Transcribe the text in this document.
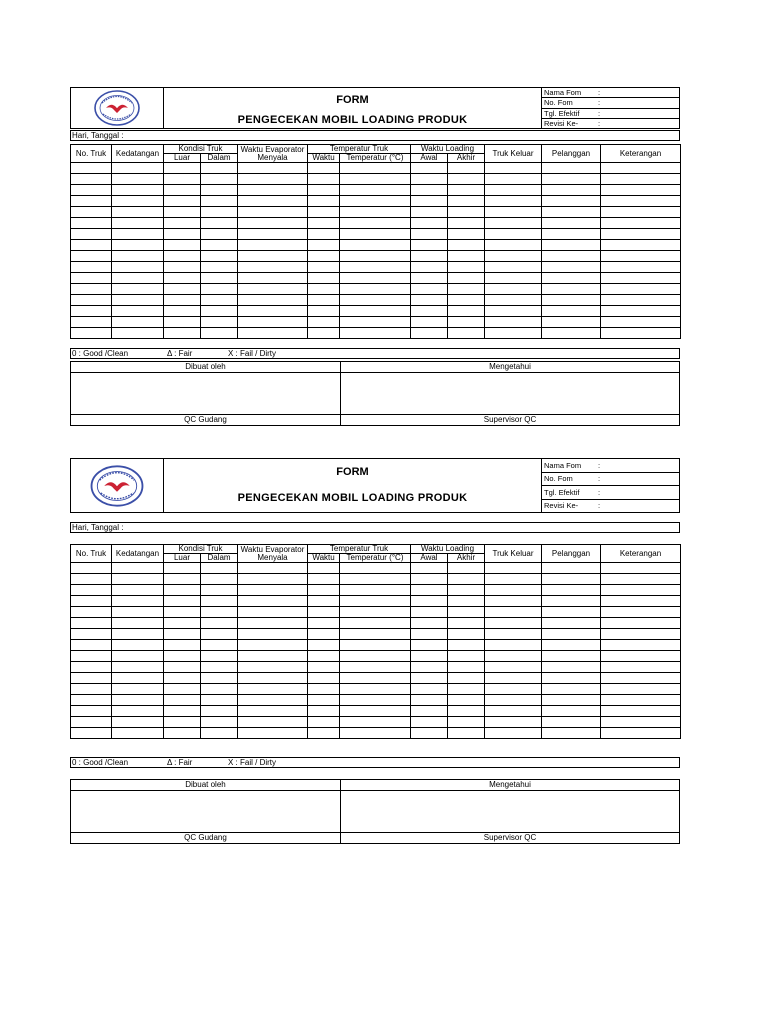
FORM
PENGECEKAN MOBIL LOADING PRODUK
Nama Fom	:
No. Fom	:
Tgl. Efektif	:
Revisi Ke-	:
Hari, Tanggal :
No. Truk	Kedatangan	Kondisi Truk		Waktu Evaporator Menyala	Temperatur Truk		Waktu Loading		Truk Keluar	Pelanggan	Keterangan
		Luar	Dalam		Waktu	Temperatur (°C)	Awal	Akhir			

0 : Good /Clean	Δ : Fair	X : Fail / Dirty
Dibuat oleh
QC Gudang
Mengetahui
Supervisor QC
FORM
PENGECEKAN MOBIL LOADING PRODUK
Nama Fom	:
No. Fom	:
Tgl. Efektif	:
Revisi Ke-	:
Hari, Tanggal :
No. Truk	Kedatangan	Kondisi Truk		Waktu Evaporator Menyala	Temperatur Truk		Waktu Loading		Truk Keluar	Pelanggan	Keterangan
		Luar	Dalam		Waktu	Temperatur (°C)	Awal	Akhir			

0 : Good /Clean	Δ : Fair	X : Fail / Dirty
Dibuat oleh
QC Gudang
Mengetahui
Supervisor QC
